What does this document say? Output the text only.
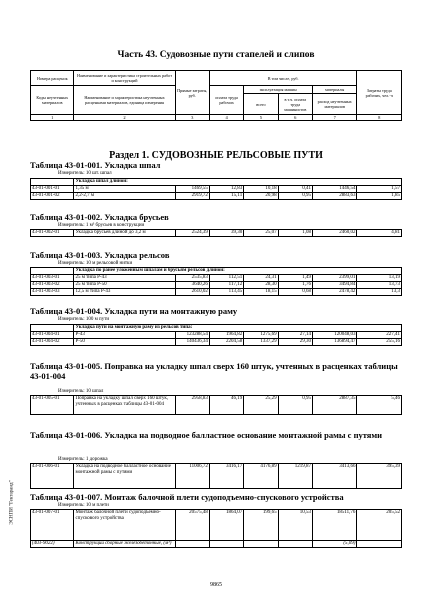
ЭСНПИ "Гектаранд"
Часть 43. Судовозные пути стапелей и слипов
Номера расценок	Наименование и характеристика строительных работ и конструкций	Прямые затраты, руб.	В том числе, руб.				Затраты труда рабочих, чел.-ч
Коды неучтенных материалов	Наименование и характеристика неучтенных расценками материалов, единица измерения		оплата труда рабочих	эксплуатация машин		материалы	
				всего	в т.ч. оплата труда машинистов	расход неучтенных материалов	
1	2	3	4	5	6	7	8
Раздел 1. СУДОВОЗНЫЕ РЕЛЬСОВЫЕ ПУТИ
Таблица 43-01-001. Укладка шпал
Измеритель: 10 шт. шпал
	Укладка шпал длиной:						
43-01-001-01	1,35 м	1469,55	12,83	10,18	0,41	1446,54	1,57
43-01-001-02	2,2-2,7 м	2919,72	15,11	20,98	0,95	2883,63	1,85
Таблица 43-01-002. Укладка брусьев
Измеритель: 1 м³ брусьев в конструкции
43-01-002-01	Укладка брусьев длиной до 3,2 м	2524,39	39,30	25,07	1,08	2460,02	4,81
Таблица 43-01-003. Укладка рельсов
Измеритель: 10 м рельсовой нитки
	Укладка по ранее уложенным шпалам и брусьям рельсов длиной:						
43-01-003-01	25 м типа Р-43	2535,83	112,51	24,31	1,49	2399,01	13,19
43-01-003-02	25 м типа Р-50	3640,26	117,12	28,30	1,76	3494,84	13,73
43-01-003-03	12,5 м типа Р-43	2610,02	113,45	18,15	0,68	2478,42	13,3
Таблица 43-01-004. Укладка пути на монтажную раму
Измеритель: 100 м пути
	Укладка пути на монтажную раму из рельсов типа:						
43-01-004-01	Р-43	123288,54	1964,82	1275,69	27,14	120048,03	227,41
43-01-004-02	Р-50	140436,34	2204,58	1337,29	29,30	136894,47	255,16
Таблица 43-01-005. Поправка на укладку шпал сверх 160 штук, учтенных в расценках таблицы 43-01-004
Измеритель: 10 шпал
43-01-005-01	Поправка на укладку шпал сверх 160 штук, учтенных в расценках таблицы 43-01-004	2958,83	46,19	25,29	0,95	2887,35	5,46
Таблица 43-01-006. Укладка на подводное балластное основание монтажной рамы с путями
Измеритель: 1 дорожка
43-01-006-01	Укладка на подводное балластное основание монтажной рамы с путями	11006,72	3416,17	4176,89	1219,87	3413,66	395,39
Таблица 43-01-007. Монтаж балочной плети судоподъемно-спускового устройства
Измеритель: 10 м плети
43-01-007-01	Монтаж балочной плети судоподъемно-спускового устройства	20575,48	1864,07	199,65	10,53	18511,76	205,52
(403-9022)	Конструкции сборные железобетонные, (м³)					(5,09)	
9865
